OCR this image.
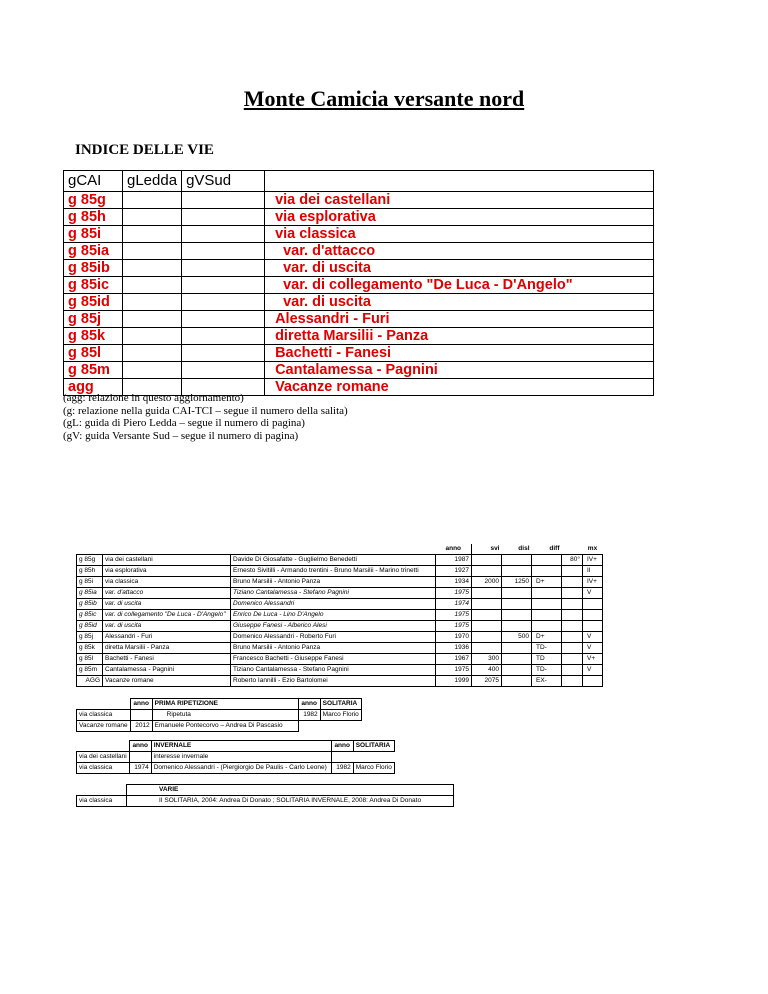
Monte Camicia versante nord
INDICE DELLE VIE
gCAI	gLedda	gVSud	
g 85g			via dei castellani
g 85h			via esplorativa
g 85i			via classica
g 85ia			var. d'attacco
g 85ib			var. di uscita
g 85ic			var. di collegamento "De Luca - D'Angelo"
g 85id			var. di uscita
g 85j			Alessandri - Furi
g 85k			diretta Marsilii - Panza
g 85l			Bachetti - Fanesi
g 85m			Cantalamessa - Pagnini
agg			Vacanze romane
(agg: relazione in questo aggiornamento)
(g: relazione nella guida CAI-TCI – segue il numero della salita)
(gL: guida di Piero Ledda – segue il numero di pagina)
(gV: guida Versante Sud – segue il numero di pagina)
			anno	svi	disl	diff		mx
g 85g	via dei castellani	Davide Di Giosafatte - Guglielmo Benedetti	1987				80°	IV+
g 85h	via esplorativa	Ernesto Sivitilli - Armando trentini - Bruno Marsilii - Marino trinetti	1927					II
g 85i	via classica	Bruno Marsilii - Antonio Panza	1934	2000	1250	D+		IV+
g 85ia	var. d'attacco	Tiziano Cantalamessa - Stefano Pagnini	1975					V
g 85ib	var. di uscita	Domenico Alessandri	1974					
g 85ic	var. di collegamento "De Luca - D'Angelo"	Enrico De Luca - Lino D'Angelo	1975					
g 85id	var. di uscita	Giuseppe Fanesi - Alberico Alesi	1975					
g 85j	Alessandri - Furi	Domenico Alessandri - Roberto Furi	1970		500	D+		V
g 85k	diretta Marsilii - Panza	Bruno Marsilii - Antonio Panza	1936			TD-		V
g 85l	Bachetti - Fanesi	Francesco Bachetti - Giuseppe Fanesi	1967	300		TD		V+
g 85m	Cantalamessa - Pagnini	Tiziano Cantalamessa - Stefano Pagnini	1975	400		TD-		V
AGG	Vacanze romane	Roberto Iannilli - Ezio Bartolomei	1999	2075		EX-		
	anno	PRIMA RIPETIZIONE	anno	SOLITARIA
via classica		Ripetuta	1982	Marco Florio
Vacanze romane	2012	Emanuele Pontecorvo – Andrea Di Pascasio		
	anno	INVERNALE	anno	SOLITARIA
via dei castellani		interesse invernale		
via classica	1974	Domenico Alessandri - (Piergiorgio De Paulis - Carlo Leone)	1982	Marco Florio
	VARIE
via classica	II SOLITARIA, 2004: Andrea Di Donato ; SOLITARIA INVERNALE, 2008: Andrea Di Donato
